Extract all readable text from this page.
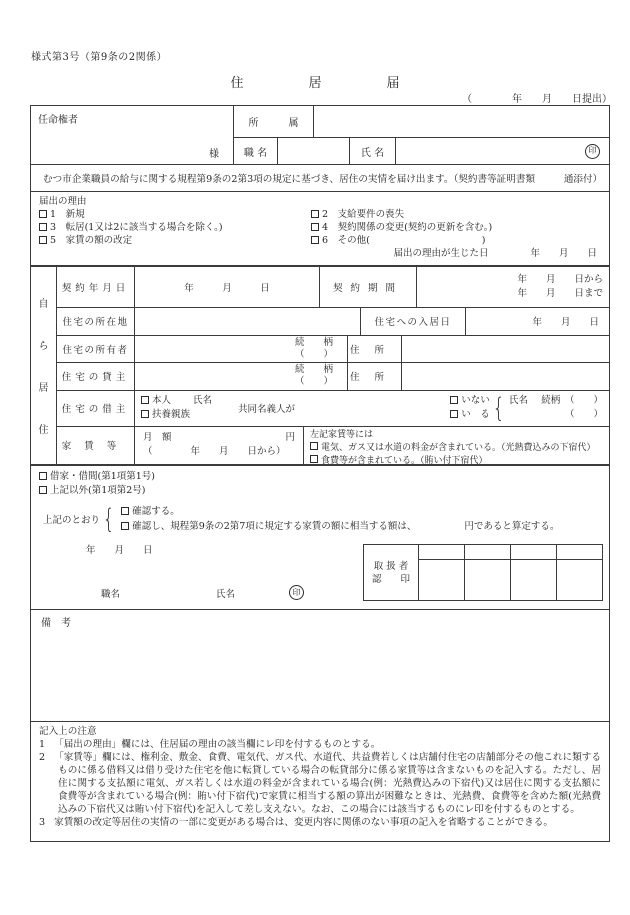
様式第3号（第9条の2関係）
住　　　　　居　　　　　届
（　　　　年　　月　　日提出）
任命権者
様
所　　　属
職 名	氏 名	印
むつ市企業職員の給与に関する規程第9条の2第3項の規定に基づき、居住の実情を届け出ます。（契約書等証明書類　　　通添付）
届出の理由
1　 新規	2　 支給要件の喪失
3　 転居(1又は2に該当する場合を除く。)	4　 契約関係の変更(契約の更新を含む。)
5　 家賃の額の改定	6　 その他(	)
届出の理由が生じた日	年　　月　　日
自
ら
居
住
契約年月日	年　　　月　　　日	契約期間
年　　月　　日から
年　　月　　日まで
住宅の所在地	住宅への入居日	年　　月　　日
住宅の所有者
続　　柄
（　　） 住所
住宅の貸主
続　　柄
（　　） 住所
住宅の借主
本人 氏名
扶養親族	共同名義人が
いない
い　る { 氏名 続柄　（　　）
（　　）
家賃等
月　額	円
（　　　　年　　月　　日から）
左記家賃等には
電気、ガス又は水道の料金が含まれている。（光熱費込みの下宿代）
食費等が含まれている。（賄い付下宿代）
借家・借間(第1項第1号)
上記以外(第1項第2号)
上記のとおり {	確認する。
確認し、規程第9条の2第7項に規定する家賃の額に相当する額は、	円であると算定する。
年　　月　　日
職名	氏名	印
取 扱 者
認　　印
備　考
記入上の注意
1 「届出の理由」欄には、住居届の理由の該当欄にレ印を付するものとする。
2 「家賃等」欄には、権利金、敷金、食費、電気代、ガス代、水道代、共益費若しくは店舗付住宅の店舗部分その他これに類するものに係る借料又は借り受けた住宅を他に転貸している場合の転貸部分に係る家賃等は含まないものを記入する。ただし、居住に関する支払額に電気、ガス若しくは水道の料金が含まれている場合(例：光熱費込みの下宿代)又は居住に関する支払額に食費等が含まれている場合(例：賄い付下宿代)で家賃に相当する額の算出が困難なときは、光熱費、食費等を含めた額(光熱費込みの下宿代又は賄い付下宿代)を記入して差し支えない。なお、この場合には該当するものにレ印を付するものとする。
3 家賃額の改定等居住の実情の一部に変更がある場合は、変更内容に関係のない事項の記入を省略することができる。
